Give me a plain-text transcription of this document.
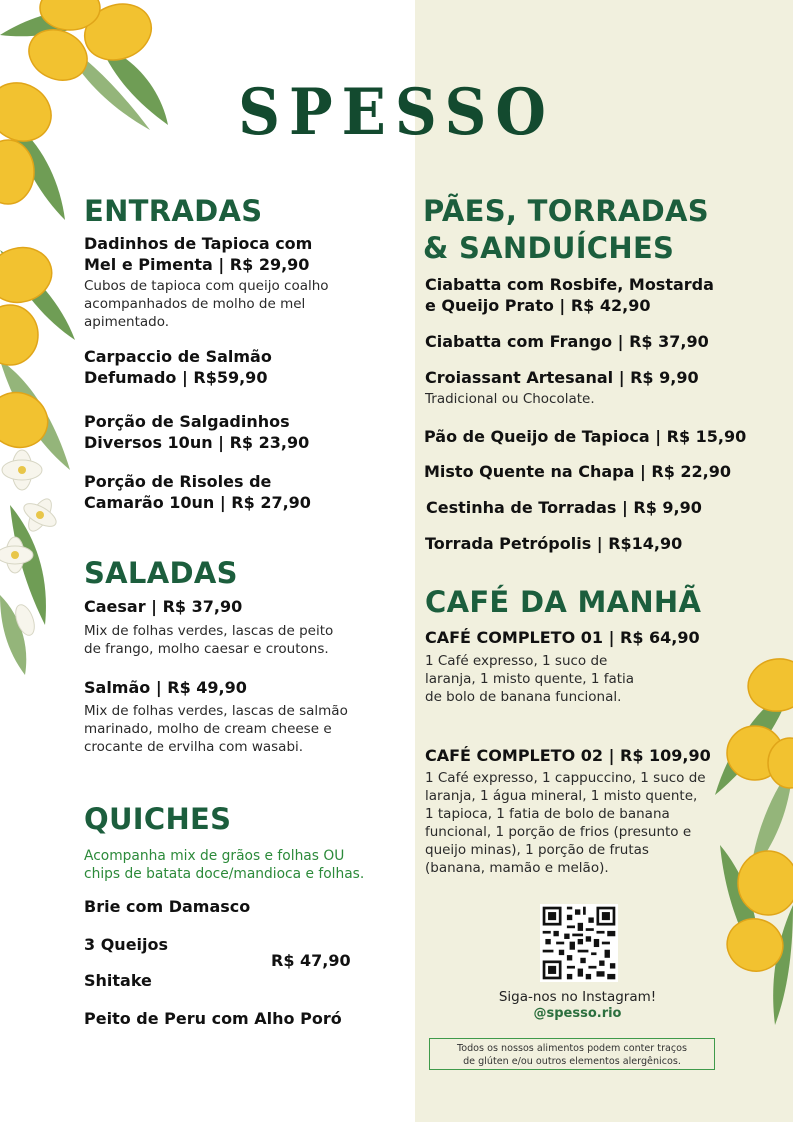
SPESSO
ENTRADAS
Dadinhos de Tapioca com
Mel e Pimenta | R$ 29,90
Cubos de tapioca com queijo coalho
acompanhados de molho de mel
apimentado.
Carpaccio de Salmão
Defumado | R$59,90
Porção de Salgadinhos
Diversos 10un | R$ 23,90
Porção de Risoles de
Camarão 10un | R$ 27,90
SALADAS
Caesar | R$ 37,90
Mix de folhas verdes, lascas de peito
de frango, molho caesar e croutons.
Salmão | R$ 49,90
Mix de folhas verdes, lascas de salmão
marinado, molho de cream cheese e
crocante de ervilha com wasabi.
QUICHES
Acompanha mix de grãos e folhas OU
chips de batata doce/mandioca e folhas.
Brie com Damasco
3 Queijos
Shitake
Peito de Peru com Alho Poró
R$ 47,90
PÃES, TORRADAS
& SANDUÍCHES
Ciabatta com Rosbife, Mostarda
e Queijo Prato | R$ 42,90
Ciabatta com Frango | R$ 37,90
Croiassant Artesanal | R$ 9,90
Tradicional ou Chocolate.
Pão de Queijo de Tapioca | R$ 15,90
Misto Quente na Chapa | R$ 22,90
Cestinha de Torradas | R$ 9,90
Torrada Petrópolis | R$14,90
CAFÉ DA MANHÃ
CAFÉ COMPLETO 01 | R$ 64,90
1 Café expresso, 1 suco de
laranja, 1 misto quente, 1 fatia
de bolo de banana funcional.
CAFÉ COMPLETO 02 | R$ 109,90
1 Café expresso, 1 cappuccino, 1 suco de
laranja, 1 água mineral, 1 misto quente,
1 tapioca, 1 fatia de bolo de banana
funcional, 1 porção de frios (presunto e
queijo minas), 1 porção de frutas
(banana, mamão e melão).
Siga-nos no Instagram!
@spesso.rio
Todos os nossos alimentos podem conter traços
de glúten e/ou outros elementos alergênicos.
